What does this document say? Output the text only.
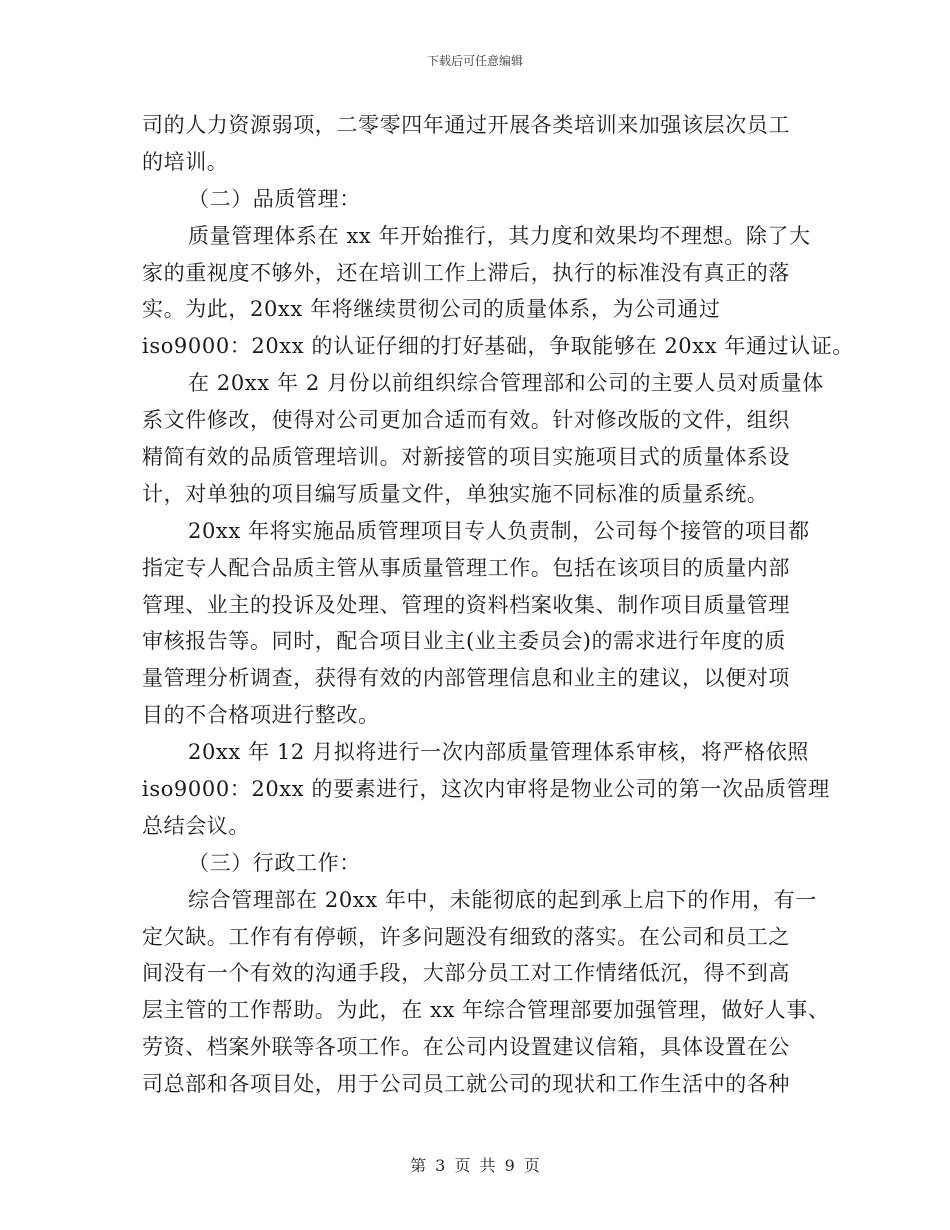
下载后可任意编辑
司的人力资源弱项，二零零四年通过开展各类培训来加强该层次员工
的培训。
（二）品质管理：
质量管理体系在 xx 年开始推行，其力度和效果均不理想。除了大
家的重视度不够外，还在培训工作上滞后，执行的标准没有真正的落
实。为此，20xx 年将继续贯彻公司的质量体系，为公司通过
iso9000：20xx 的认证仔细的打好基础，争取能够在 20xx 年通过认证。
在 20xx 年 2 月份以前组织综合管理部和公司的主要人员对质量体
系文件修改，使得对公司更加合适而有效。针对修改版的文件，组织
精简有效的品质管理培训。对新接管的项目实施项目式的质量体系设
计，对单独的项目编写质量文件，单独实施不同标准的质量系统。
20xx 年将实施品质管理项目专人负责制，公司每个接管的项目都
指定专人配合品质主管从事质量管理工作。包括在该项目的质量内部
管理、业主的投诉及处理、管理的资料档案收集、制作项目质量管理
审核报告等。同时，配合项目业主(业主委员会)的需求进行年度的质
量管理分析调查，获得有效的内部管理信息和业主的建议，以便对项
目的不合格项进行整改。
20xx 年 12 月拟将进行一次内部质量管理体系审核，将严格依照
iso9000：20xx 的要素进行，这次内审将是物业公司的第一次品质管理
总结会议。
（三）行政工作：
综合管理部在 20xx 年中，未能彻底的起到承上启下的作用，有一
定欠缺。工作有有停顿，许多问题没有细致的落实。在公司和员工之
间没有一个有效的沟通手段，大部分员工对工作情绪低沉，得不到高
层主管的工作帮助。为此，在 xx 年综合管理部要加强管理，做好人事、
劳资、档案外联等各项工作。在公司内设置建议信箱，具体设置在公
司总部和各项目处，用于公司员工就公司的现状和工作生活中的各种
第 3 页 共 9 页
